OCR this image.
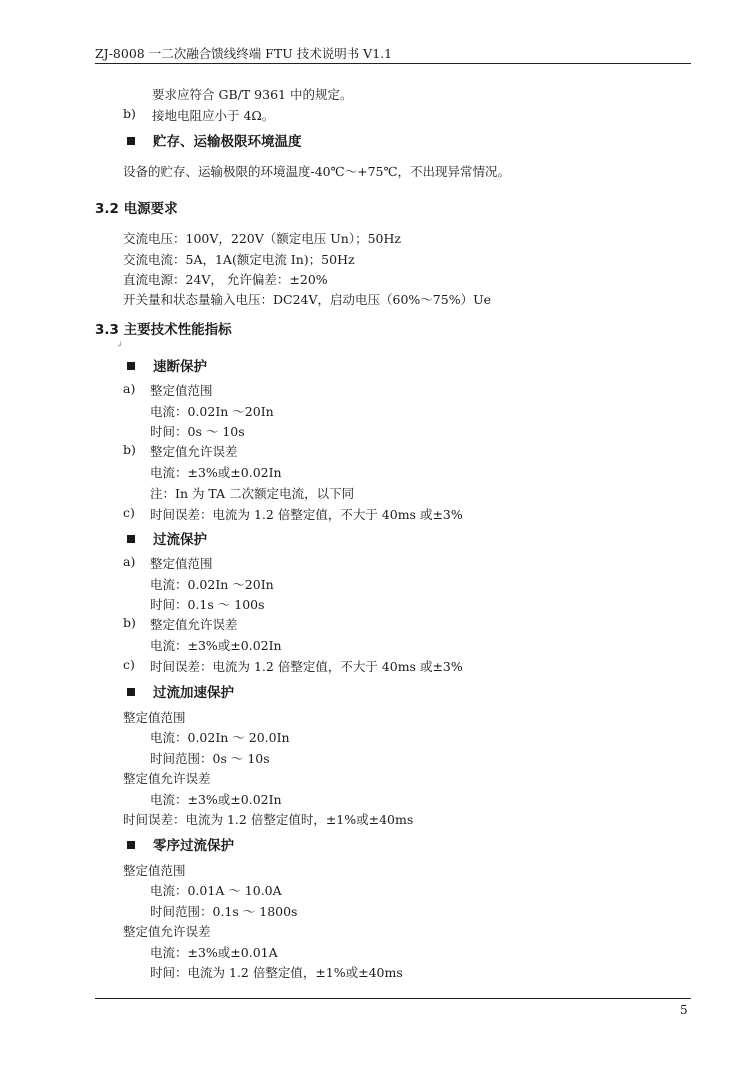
ZJ-8008 一二次融合馈线终端 FTU 技术说明书 V1.1
要求应符合 GB/T 9361 中的规定。
b) 接地电阻应小于 4Ω。
贮存、运输极限环境温度
设备的贮存、运输极限的环境温度-40℃～+75℃，不出现异常情况。
3.2 电源要求
交流电压：100V，220V（额定电压 Un）；50Hz
交流电流：5A，1A(额定电流 In)；50Hz
直流电源：24V， 允许偏差：±20%
开关量和状态量输入电压：DC24V，启动电压（60%～75%）Ue
3.3 主要技术性能指标
↲
速断保护
a) 整定值范围
电流：0.02In ～20In
时间：0s ～ 10s
b) 整定值允许误差
电流：±3%或±0.02In
注：In 为 TA 二次额定电流，以下同
c) 时间误差：电流为 1.2 倍整定值，不大于 40ms 或±3%
过流保护
a) 整定值范围
电流：0.02In ～20In
时间：0.1s ～ 100s
b) 整定值允许误差
电流：±3%或±0.02In
c) 时间误差：电流为 1.2 倍整定值，不大于 40ms 或±3%
过流加速保护
整定值范围
电流：0.02In ～ 20.0In
时间范围：0s ～ 10s
整定值允许误差
电流：±3%或±0.02In
时间误差：电流为 1.2 倍整定值时，±1%或±40ms
零序过流保护
整定值范围
电流：0.01A ～ 10.0A
时间范围：0.1s ～ 1800s
整定值允许误差
电流：±3%或±0.01A
时间：电流为 1.2 倍整定值，±1%或±40ms
5
